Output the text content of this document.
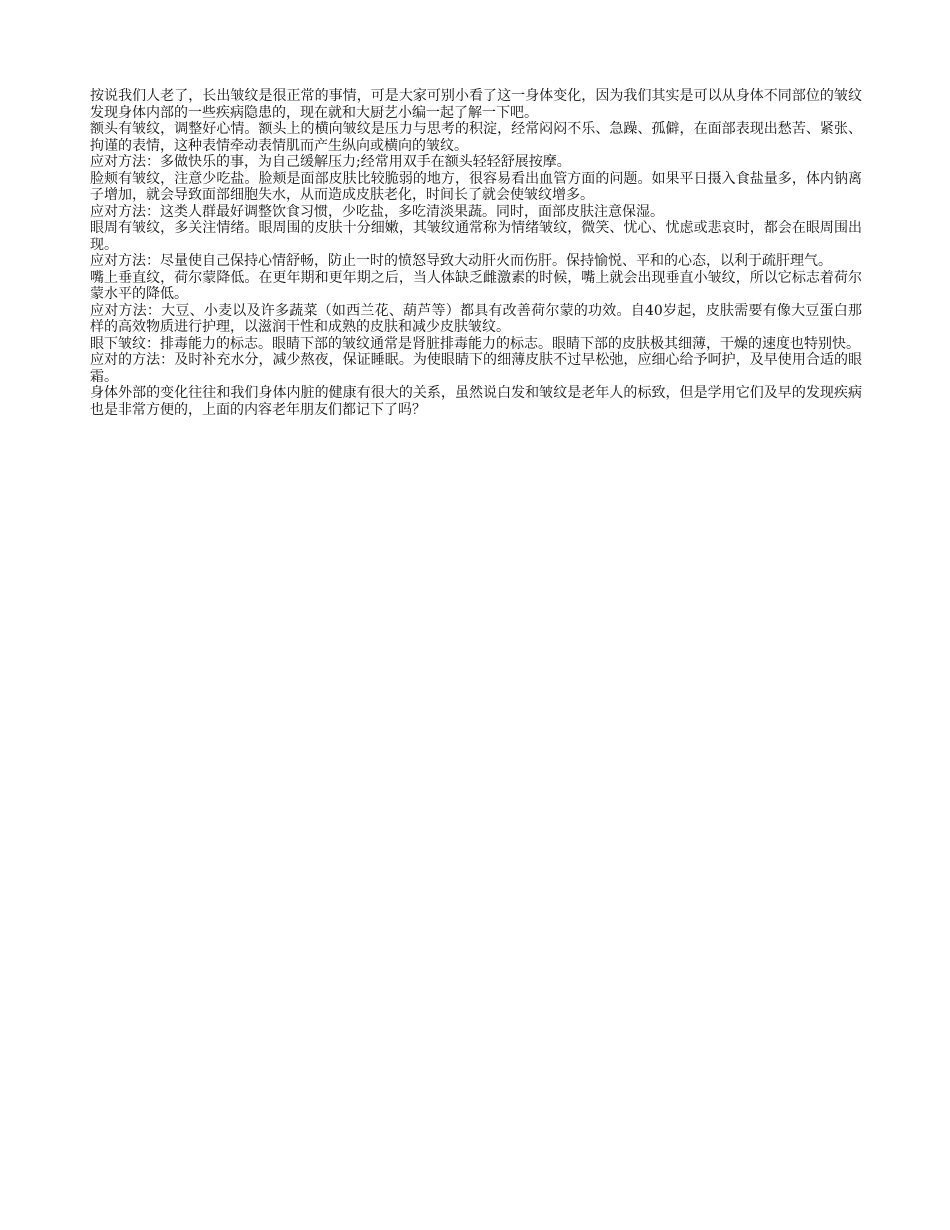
按说我们人老了，长出皱纹是很正常的事情，可是大家可别小看了这一身体变化，因为我们其实是可以从身体不同部位的皱纹发现身体内部的一些疾病隐患的，现在就和大厨艺小编一起了解一下吧。

额头有皱纹，调整好心情。额头上的横向皱纹是压力与思考的积淀，经常闷闷不乐、急躁、孤僻，在面部表现出愁苦、紧张、拘谨的表情，这种表情牵动表情肌而产生纵向或横向的皱纹。

应对方法：多做快乐的事，为自己缓解压力;经常用双手在额头轻轻舒展按摩。

脸颊有皱纹，注意少吃盐。脸颊是面部皮肤比较脆弱的地方，很容易看出血管方面的问题。如果平日摄入食盐量多，体内钠离子增加，就会导致面部细胞失水，从而造成皮肤老化，时间长了就会使皱纹增多。

应对方法：这类人群最好调整饮食习惯，少吃盐，多吃清淡果蔬。同时，面部皮肤注意保湿。

眼周有皱纹，多关注情绪。眼周围的皮肤十分细嫩，其皱纹通常称为情绪皱纹，微笑、忧心、忧虑或悲哀时，都会在眼周围出现。

应对方法：尽量使自己保持心情舒畅，防止一时的愤怒导致大动肝火而伤肝。保持愉悦、平和的心态，以利于疏肝理气。

嘴上垂直纹，荷尔蒙降低。在更年期和更年期之后，当人体缺乏雌激素的时候，嘴上就会出现垂直小皱纹，所以它标志着荷尔蒙水平的降低。

应对方法：大豆、小麦以及许多蔬菜（如西兰花、葫芦等）都具有改善荷尔蒙的功效。自40岁起，皮肤需要有像大豆蛋白那样的高效物质进行护理，以滋润干性和成熟的皮肤和减少皮肤皱纹。

眼下皱纹：排毒能力的标志。眼睛下部的皱纹通常是肾脏排毒能力的标志。眼睛下部的皮肤极其细薄，干燥的速度也特别快。

应对的方法：及时补充水分，减少熬夜，保证睡眠。为使眼睛下的细薄皮肤不过早松弛，应细心给予呵护，及早使用合适的眼霜。

身体外部的变化往往和我们身体内脏的健康有很大的关系，虽然说白发和皱纹是老年人的标致，但是学用它们及早的发现疾病也是非常方便的，上面的内容老年朋友们都记下了吗？
